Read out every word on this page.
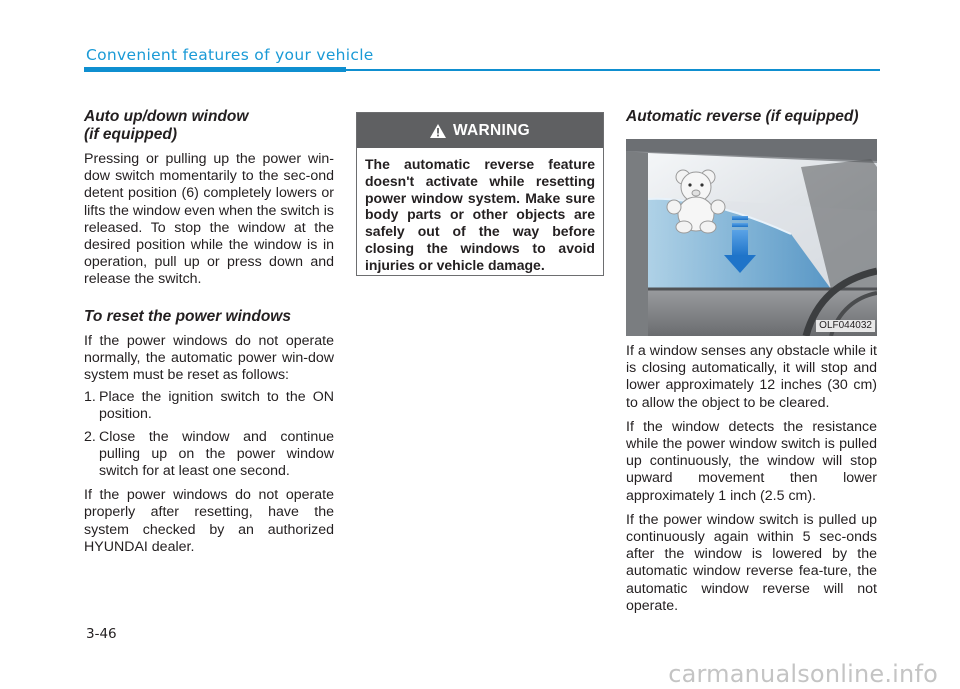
Convenient features of your vehicle
Auto up/down window
(if equipped)

Pressing or pulling up the power win-dow switch momentarily to the sec-ond detent position (6) completely lowers or lifts the window even when the switch is released. To stop the window at the desired position while the window is in operation, pull up or press down and release the switch.

To reset the power windows

If the power windows do not operate normally, the automatic power win-dow system must be reset as follows:

1. Place the ignition switch to the ON position.
2. Close the window and continue pulling up on the power window switch for at least one second.

If the power windows do not operate properly after resetting, have the system checked by an authorized HYUNDAI dealer.

WARNING
The automatic reverse feature doesn't activate while resetting power window system. Make sure body parts or other objects are safely out of the way before closing the windows to avoid injuries or vehicle damage.
Automatic reverse (if equipped)
OLF044032

If a window senses any obstacle while it is closing automatically, it will stop and lower approximately 12 inches (30 cm) to allow the object to be cleared.

If the window detects the resistance while the power window switch is pulled up continuously, the window will stop upward movement then lower approximately 1 inch (2.5 cm).

If the power window switch is pulled up continuously again within 5 sec-onds after the window is lowered by the automatic window reverse fea-ture, the automatic window reverse will not operate.

3-46
carmanualsonline.info
